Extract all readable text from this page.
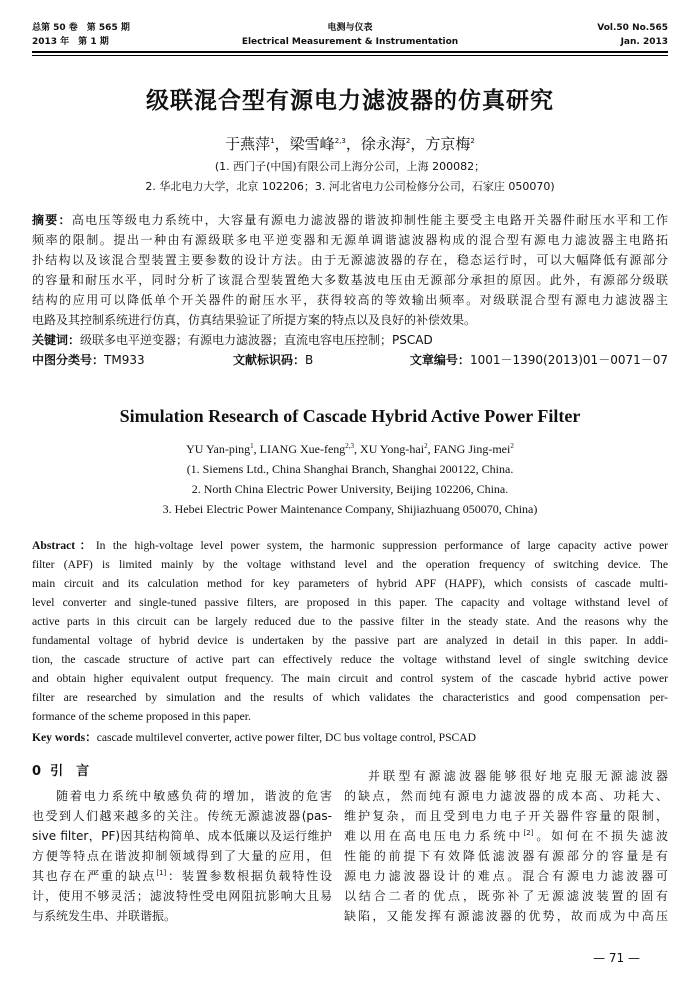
总第 50 卷　第 565 期
2013 年　第 1 期
电测与仪表
Electrical Measurement & Instrumentation
Vol.50 No.565
Jan. 2013
级联混合型有源电力滤波器的仿真研究
于燕萍$^1$，梁雪峰$^{2,3}$，徐永海$^2$，方京梅$^2$
(1. 西门子(中国)有限公司上海分公司，上海 200082；
2. 华北电力大学，北京 102206；3. 河北省电力公司检修分公司，石家庄 050070)
摘要：高电压等级电力系统中，大容量有源电力滤波器的谐波抑制性能主要受主电路开关器件耐压水平和工作
频率的限制。提出一种由有源级联多电平逆变器和无源单调谐滤波器构成的混合型有源电力滤波器主电路拓
扑结构以及该混合型装置主要参数的设计方法。由于无源滤波器的存在，稳态运行时，可以大幅降低有源部分
的容量和耐压水平，同时分析了该混合型装置绝大多数基波电压由无源部分承担的原因。此外，有源部分级联
结构的应用可以降低单个开关器件的耐压水平，获得较高的等效输出频率。对级联混合型有源电力滤波器主
电路及其控制系统进行仿真，仿真结果验证了所提方案的特点以及良好的补偿效果。
关键词：级联多电平逆变器；有源电力滤波器；直流电容电压控制；PSCAD
中图分类号：TM933	文献标识码：B	文章编号：1001－1390(2013)01－0071－07
Simulation Research of Cascade Hybrid Active Power Filter
YU Yan-ping$^1$, LIANG Xue-feng$^{2,3}$, XU Yong-hai$^2$, FANG Jing-mei$^2$
(1. Siemens Ltd., China Shanghai Branch, Shanghai 200122, China.
2. North China Electric Power University, Beijing 102206, China.
3. Hebei Electric Power Maintenance Company, Shijiazhuang 050070, China)
Abstract：In the high-voltage level power system, the harmonic suppression performance of large capacity active power
filter (APF) is limited mainly by the voltage withstand level and the operation frequency of switching device. The
main circuit and its calculation method for key parameters of hybrid APF (HAPF), which consists of cascade multi-
level converter and single-tuned passive filters, are proposed in this paper. The capacity and voltage withstand level of
active parts in this circuit can be largely reduced due to the passive filter in the steady state. And the reasons why the
fundamental voltage of hybrid device is undertaken by the passive part are analyzed in detail in this paper. In addi-
tion, the cascade structure of active part can effectively reduce the voltage withstand level of single switching device
and obtain higher equivalent output frequency. The main circuit and control system of the cascade hybrid active power
filter are researched by simulation and the results of which validates the characteristics and good compensation per-
formance of the scheme proposed in this paper.
Key words：cascade multilevel converter, active power filter, DC bus voltage control, PSCAD
0 引　言
随着电力系统中敏感负荷的增加，谐波的危害
也受到人们越来越多的关注。传统无源滤波器(pas-
sive filter，PF)因其结构简单、成本低廉以及运行维护
方便等特点在谐波抑制领域得到了大量的应用，但
其也存在严重的缺点[1]：装置参数根据负载特性设
计，使用不够灵活；滤波特性受电网阻抗影响大且易
与系统发生串、并联谐振。
并联型有源滤波器能够很好地克服无源滤波器
的缺点，然而纯有源电力滤波器的成本高、功耗大、
维护复杂，而且受到电力电子开关器件容量的限制，
难以用在高电压电力系统中[2]。如何在不损失滤波
性能的前提下有效降低滤波器有源部分的容量是有
源电力滤波器设计的难点。混合有源电力滤波器可
以结合二者的优点，既弥补了无源滤波装置的固有
缺陷，又能发挥有源滤波器的优势，故而成为中高压
— 71 —
